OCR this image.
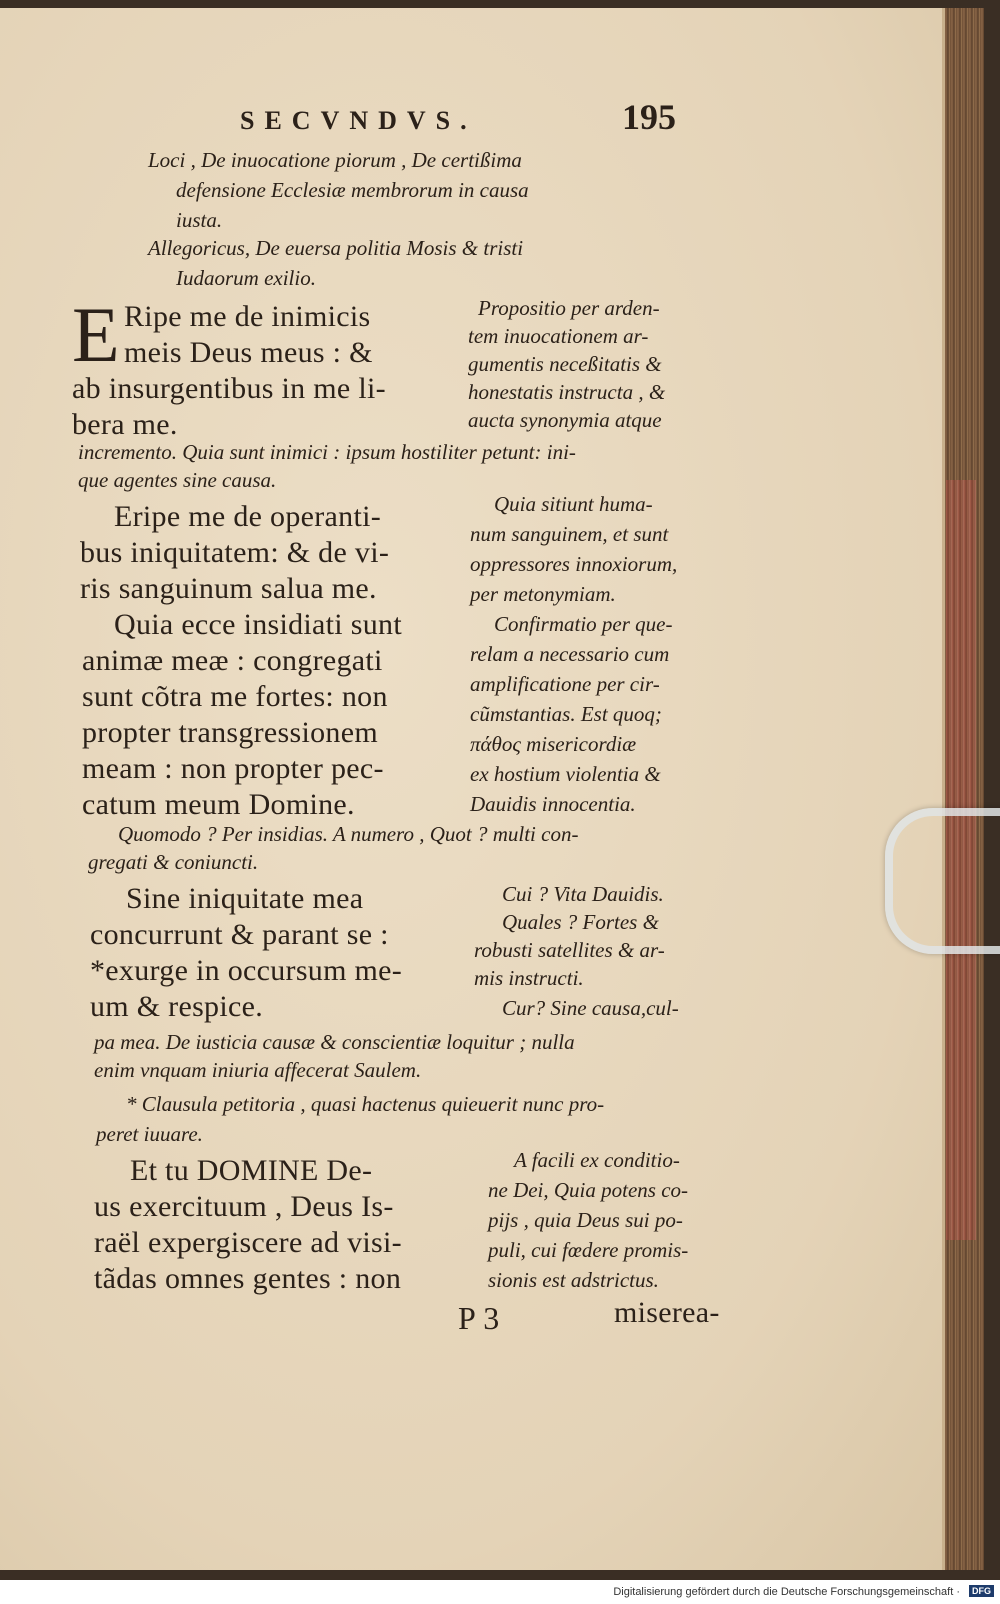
SECVNDVS.	195
Loci , De inuocatione piorum , De certißima
defensione Ecclesiæ membrorum in causa
iusta.
Allegoricus, De euersa politia Mosis & tristi
Iudaorum exilio.
E Ripe me de inimicis
meis Deus meus : &
ab insurgentibus in me li-
bera me.
Propositio per arden-
tem inuocationem ar-
gumentis neceßitatis &
honestatis instructa , &
aucta synonymia atque
incremento. Quia sunt inimici : ipsum hostiliter petunt: ini-
que agentes sine causa.
Eripe me de operanti-
bus iniquitatem: & de vi-
ris sanguinum salua me.
Quia sitiunt huma-
num sanguinem, et sunt
oppressores innoxiorum,
per metonymiam.
Quia ecce insidiati sunt
animæ meæ : congregati
sunt cõtra me fortes: non
propter transgressionem
meam : non propter pec-
catum meum Domine.
Confirmatio per que-
relam a necessario cum
amplificatione per cir-
cũmstantias. Est quoq;
πάθος misericordiæ
ex hostium violentia &
Dauidis innocentia.
Quomodo ? Per insidias. A numero , Quot ? multi con-
gregati & coniuncti.
Sine iniquitate mea
concurrunt & parant se :
*exurge in occursum me-
um & respice.
Cui ? Vita Dauidis.
Quales ? Fortes &
robusti satellites & ar-
mis instructi.
Cur? Sine causa,cul-
pa mea. De iusticia causæ & conscientiæ loquitur ; nulla
enim vnquam iniuria affecerat Saulem.
* Clausula petitoria , quasi hactenus quieuerit nunc pro-
peret iuuare.
Et tu DOMINE De-
us exercituum , Deus Is-
raël expergiscere ad visi-
tãdas omnes gentes : non
A facili ex conditio-
ne Dei, Quia potens co-
pijs , quia Deus sui po-
puli, cui fœdere promis-
sionis est adstrictus.
P 3	miserea-
Digitalisierung gefördert durch die Deutsche Forschungsgemeinschaft ·	DFG
